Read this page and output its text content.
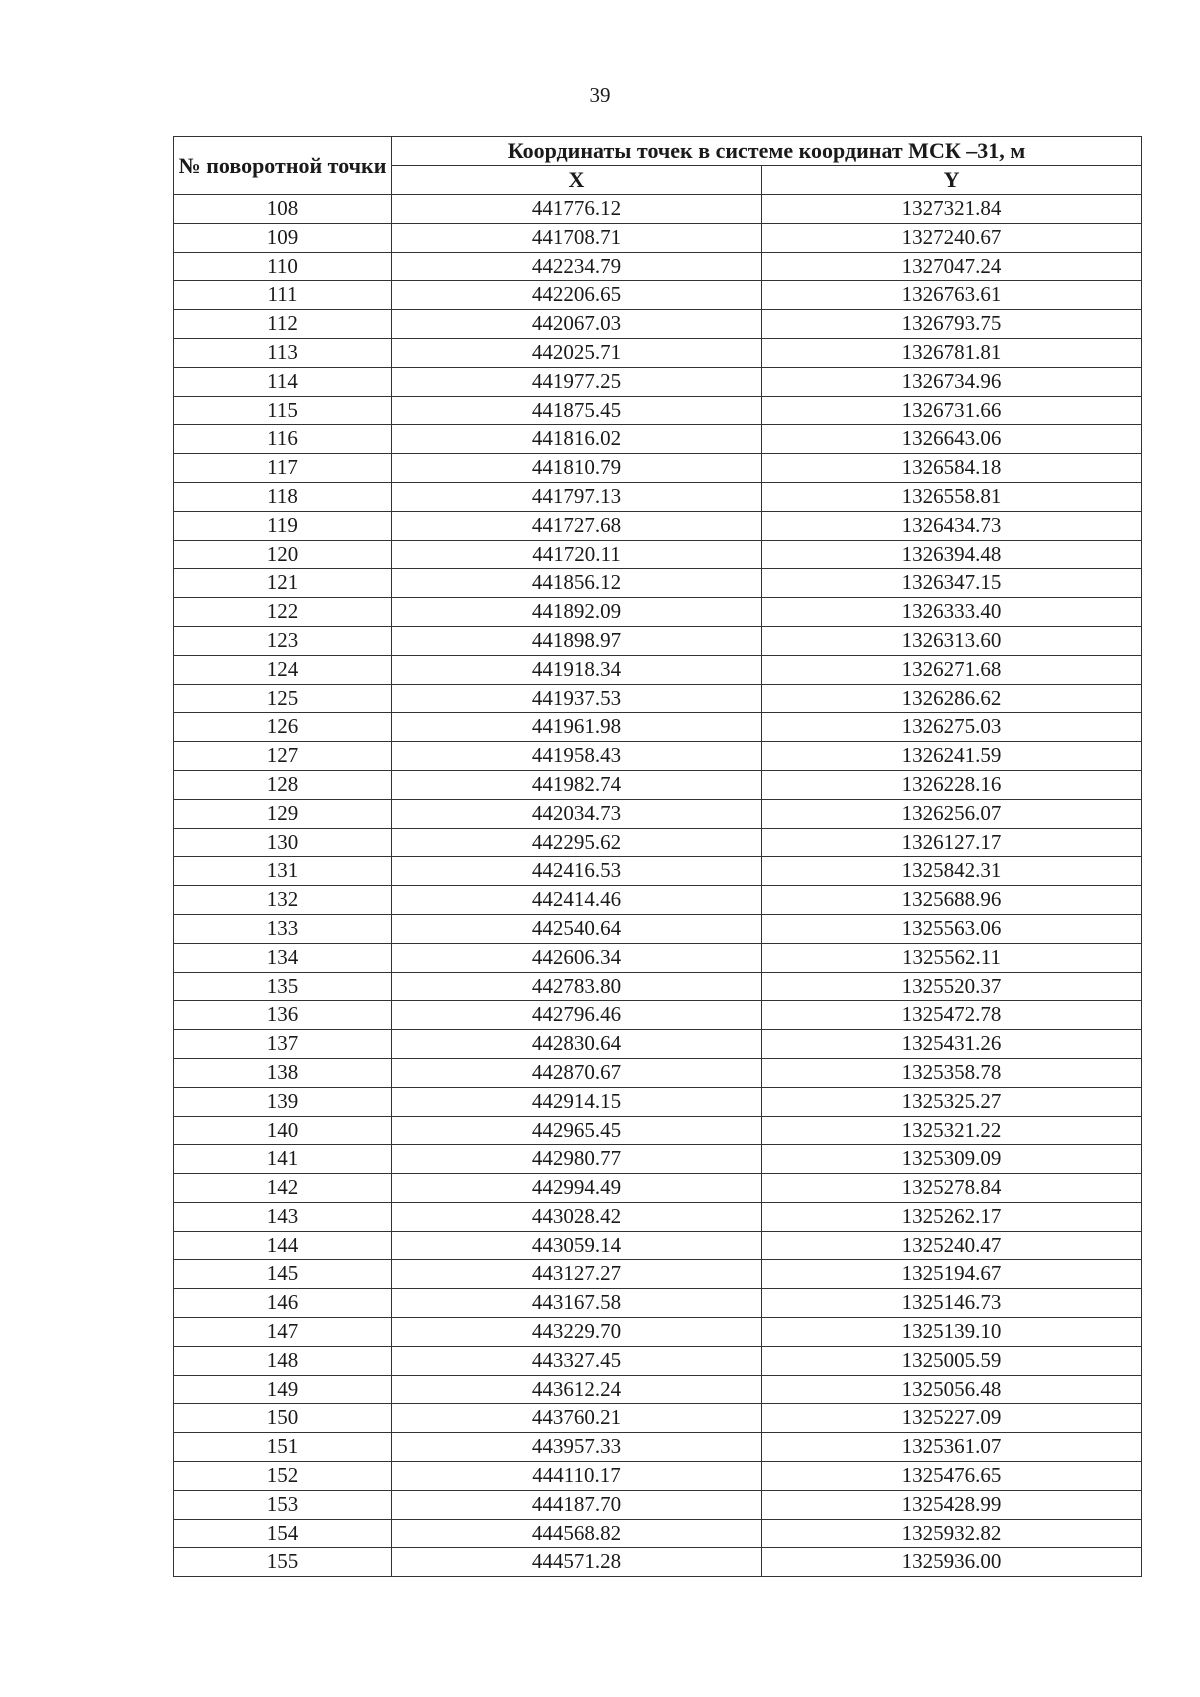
39
№ поворотной точки	Координаты точек в системе координат МСК –31, м	
	X	Y
108	441776.12	1327321.84
109	441708.71	1327240.67
110	442234.79	1327047.24
111	442206.65	1326763.61
112	442067.03	1326793.75
113	442025.71	1326781.81
114	441977.25	1326734.96
115	441875.45	1326731.66
116	441816.02	1326643.06
117	441810.79	1326584.18
118	441797.13	1326558.81
119	441727.68	1326434.73
120	441720.11	1326394.48
121	441856.12	1326347.15
122	441892.09	1326333.40
123	441898.97	1326313.60
124	441918.34	1326271.68
125	441937.53	1326286.62
126	441961.98	1326275.03
127	441958.43	1326241.59
128	441982.74	1326228.16
129	442034.73	1326256.07
130	442295.62	1326127.17
131	442416.53	1325842.31
132	442414.46	1325688.96
133	442540.64	1325563.06
134	442606.34	1325562.11
135	442783.80	1325520.37
136	442796.46	1325472.78
137	442830.64	1325431.26
138	442870.67	1325358.78
139	442914.15	1325325.27
140	442965.45	1325321.22
141	442980.77	1325309.09
142	442994.49	1325278.84
143	443028.42	1325262.17
144	443059.14	1325240.47
145	443127.27	1325194.67
146	443167.58	1325146.73
147	443229.70	1325139.10
148	443327.45	1325005.59
149	443612.24	1325056.48
150	443760.21	1325227.09
151	443957.33	1325361.07
152	444110.17	1325476.65
153	444187.70	1325428.99
154	444568.82	1325932.82
155	444571.28	1325936.00
